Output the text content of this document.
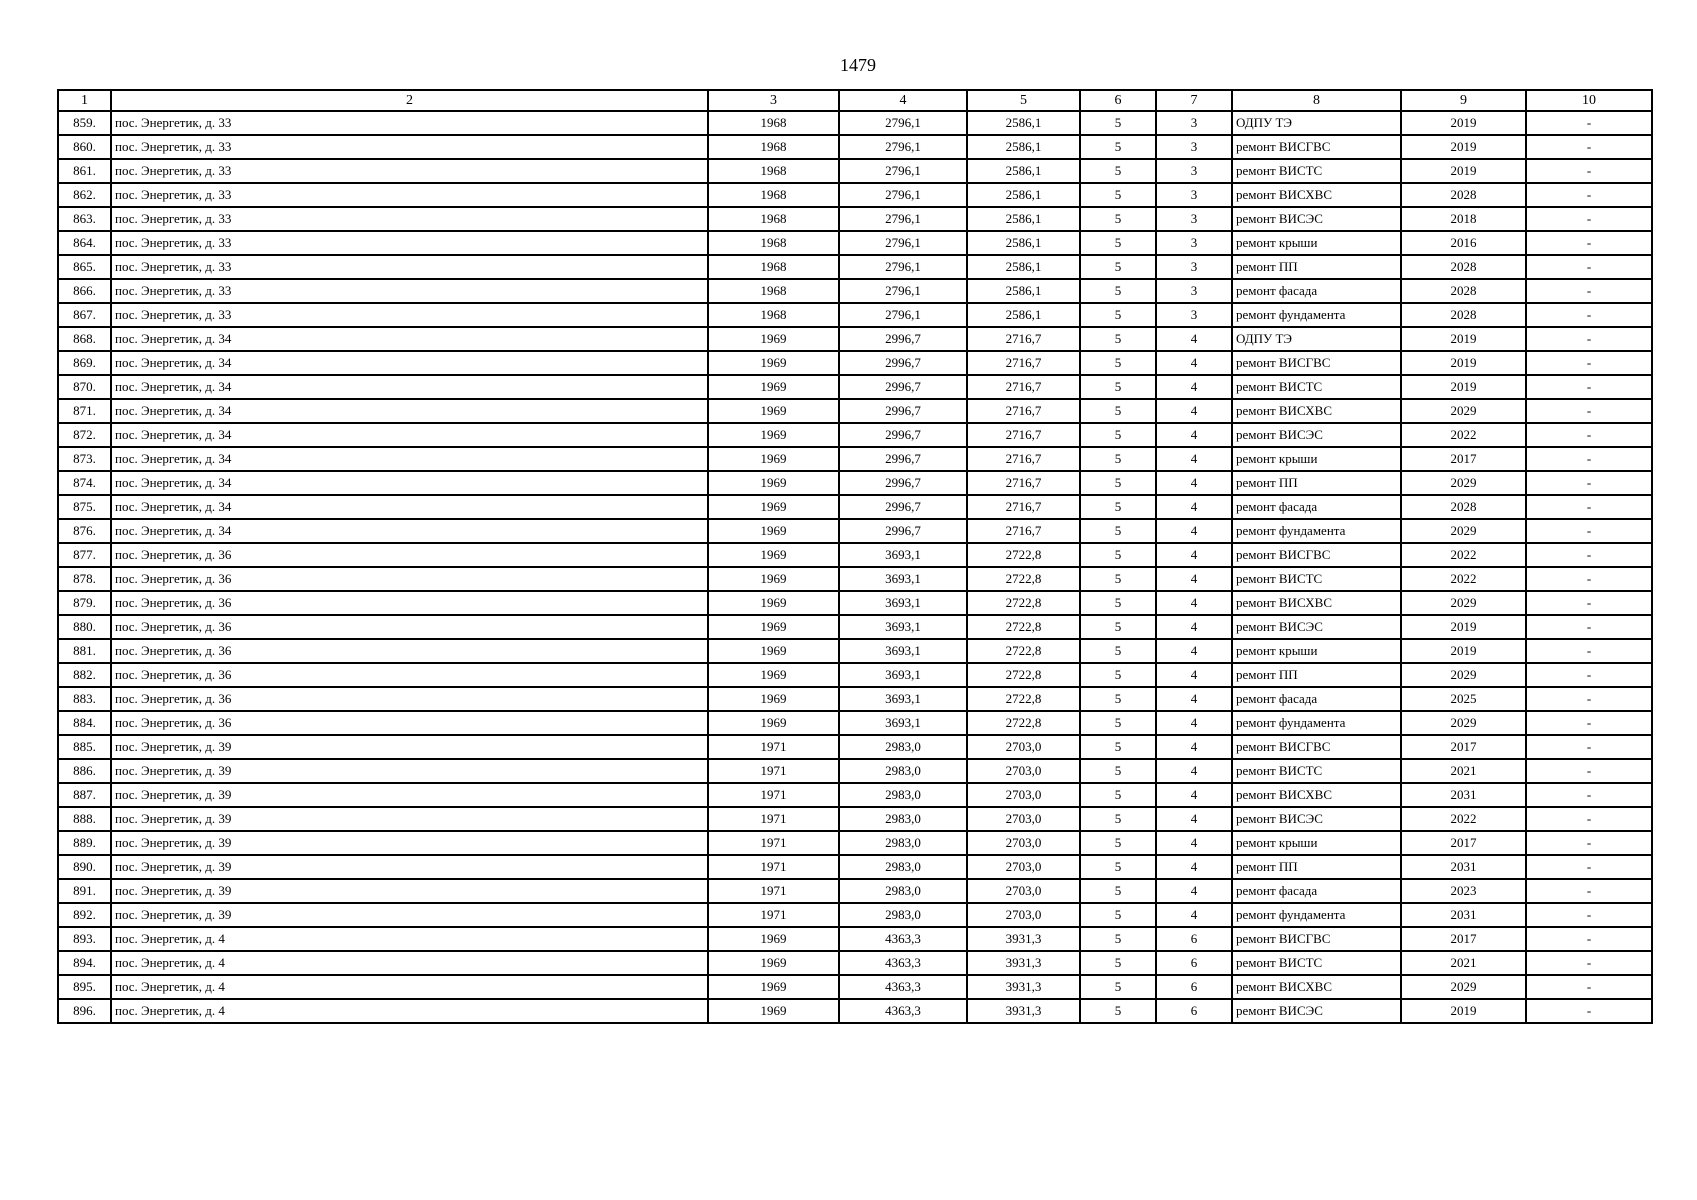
1479
1	2	3	4	5	6	7	8	9	10
859.	пос. Энергетик, д. 33	1968	2796,1	2586,1	5	3	ОДПУ ТЭ	2019	-
860.	пос. Энергетик, д. 33	1968	2796,1	2586,1	5	3	ремонт ВИСГВС	2019	-
861.	пос. Энергетик, д. 33	1968	2796,1	2586,1	5	3	ремонт ВИСТС	2019	-
862.	пос. Энергетик, д. 33	1968	2796,1	2586,1	5	3	ремонт ВИСХВС	2028	-
863.	пос. Энергетик, д. 33	1968	2796,1	2586,1	5	3	ремонт ВИСЭС	2018	-
864.	пос. Энергетик, д. 33	1968	2796,1	2586,1	5	3	ремонт крыши	2016	-
865.	пос. Энергетик, д. 33	1968	2796,1	2586,1	5	3	ремонт ПП	2028	-
866.	пос. Энергетик, д. 33	1968	2796,1	2586,1	5	3	ремонт фасада	2028	-
867.	пос. Энергетик, д. 33	1968	2796,1	2586,1	5	3	ремонт фундамента	2028	-
868.	пос. Энергетик, д. 34	1969	2996,7	2716,7	5	4	ОДПУ ТЭ	2019	-
869.	пос. Энергетик, д. 34	1969	2996,7	2716,7	5	4	ремонт ВИСГВС	2019	-
870.	пос. Энергетик, д. 34	1969	2996,7	2716,7	5	4	ремонт ВИСТС	2019	-
871.	пос. Энергетик, д. 34	1969	2996,7	2716,7	5	4	ремонт ВИСХВС	2029	-
872.	пос. Энергетик, д. 34	1969	2996,7	2716,7	5	4	ремонт ВИСЭС	2022	-
873.	пос. Энергетик, д. 34	1969	2996,7	2716,7	5	4	ремонт крыши	2017	-
874.	пос. Энергетик, д. 34	1969	2996,7	2716,7	5	4	ремонт ПП	2029	-
875.	пос. Энергетик, д. 34	1969	2996,7	2716,7	5	4	ремонт фасада	2028	-
876.	пос. Энергетик, д. 34	1969	2996,7	2716,7	5	4	ремонт фундамента	2029	-
877.	пос. Энергетик, д. 36	1969	3693,1	2722,8	5	4	ремонт ВИСГВС	2022	-
878.	пос. Энергетик, д. 36	1969	3693,1	2722,8	5	4	ремонт ВИСТС	2022	-
879.	пос. Энергетик, д. 36	1969	3693,1	2722,8	5	4	ремонт ВИСХВС	2029	-
880.	пос. Энергетик, д. 36	1969	3693,1	2722,8	5	4	ремонт ВИСЭС	2019	-
881.	пос. Энергетик, д. 36	1969	3693,1	2722,8	5	4	ремонт крыши	2019	-
882.	пос. Энергетик, д. 36	1969	3693,1	2722,8	5	4	ремонт ПП	2029	-
883.	пос. Энергетик, д. 36	1969	3693,1	2722,8	5	4	ремонт фасада	2025	-
884.	пос. Энергетик, д. 36	1969	3693,1	2722,8	5	4	ремонт фундамента	2029	-
885.	пос. Энергетик, д. 39	1971	2983,0	2703,0	5	4	ремонт ВИСГВС	2017	-
886.	пос. Энергетик, д. 39	1971	2983,0	2703,0	5	4	ремонт ВИСТС	2021	-
887.	пос. Энергетик, д. 39	1971	2983,0	2703,0	5	4	ремонт ВИСХВС	2031	-
888.	пос. Энергетик, д. 39	1971	2983,0	2703,0	5	4	ремонт ВИСЭС	2022	-
889.	пос. Энергетик, д. 39	1971	2983,0	2703,0	5	4	ремонт крыши	2017	-
890.	пос. Энергетик, д. 39	1971	2983,0	2703,0	5	4	ремонт ПП	2031	-
891.	пос. Энергетик, д. 39	1971	2983,0	2703,0	5	4	ремонт фасада	2023	-
892.	пос. Энергетик, д. 39	1971	2983,0	2703,0	5	4	ремонт фундамента	2031	-
893.	пос. Энергетик, д. 4	1969	4363,3	3931,3	5	6	ремонт ВИСГВС	2017	-
894.	пос. Энергетик, д. 4	1969	4363,3	3931,3	5	6	ремонт ВИСТС	2021	-
895.	пос. Энергетик, д. 4	1969	4363,3	3931,3	5	6	ремонт ВИСХВС	2029	-
896.	пос. Энергетик, д. 4	1969	4363,3	3931,3	5	6	ремонт ВИСЭС	2019	-
